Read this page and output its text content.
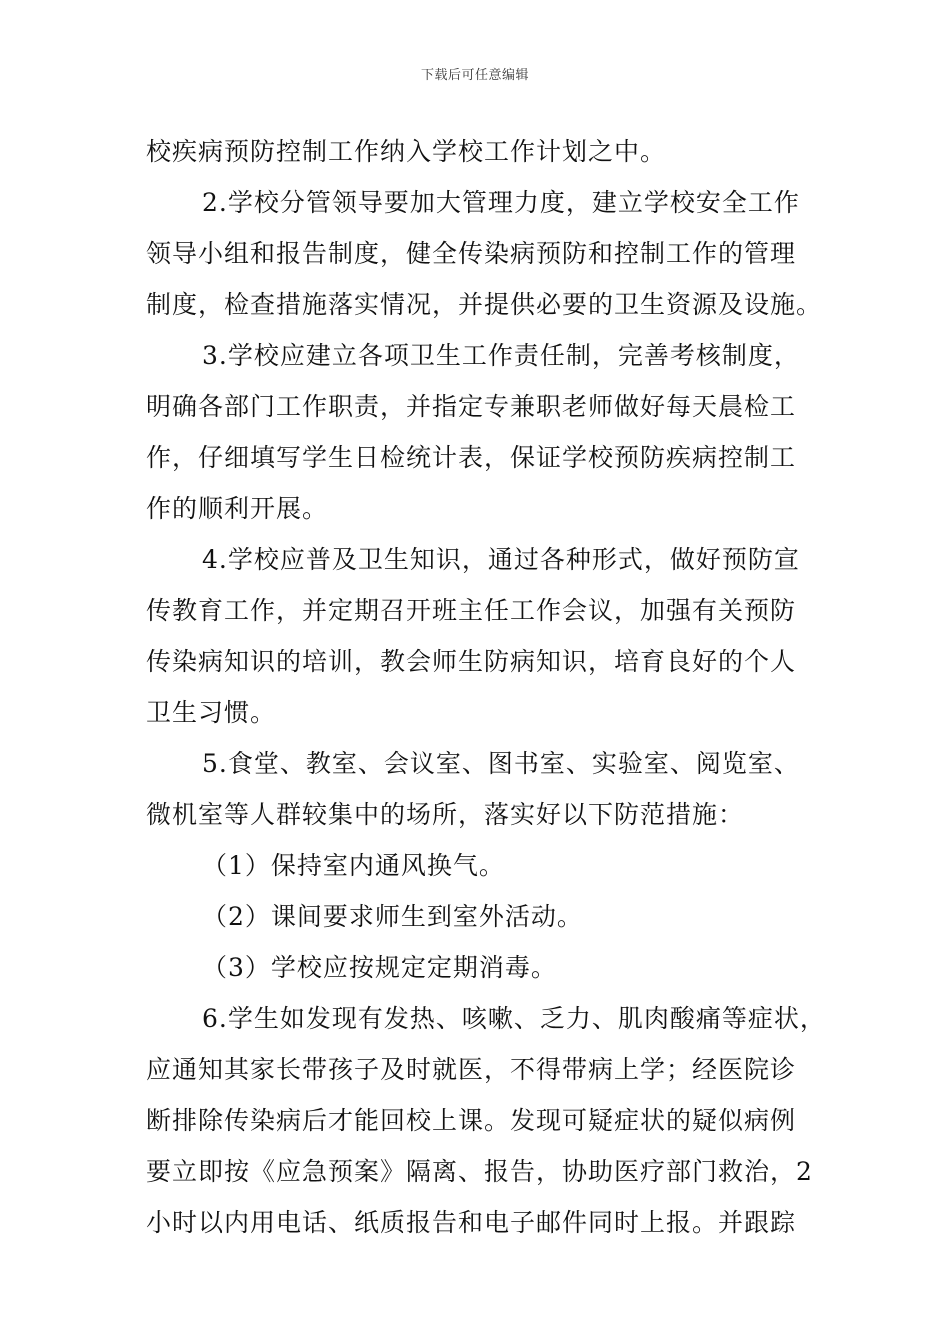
下载后可任意编辑
校疾病预防控制工作纳入学校工作计划之中。
2.学校分管领导要加大管理力度，建立学校安全工作
领导小组和报告制度，健全传染病预防和控制工作的管理
制度，检查措施落实情况，并提供必要的卫生资源及设施。
3.学校应建立各项卫生工作责任制，完善考核制度，
明确各部门工作职责，并指定专兼职老师做好每天晨检工
作，仔细填写学生日检统计表，保证学校预防疾病控制工
作的顺利开展。
4.学校应普及卫生知识，通过各种形式，做好预防宣
传教育工作，并定期召开班主任工作会议，加强有关预防
传染病知识的培训，教会师生防病知识，培育良好的个人
卫生习惯。
5.食堂、教室、会议室、图书室、实验室、阅览室、
微机室等人群较集中的场所，落实好以下防范措施：
（1）保持室内通风换气。
（2）课间要求师生到室外活动。
（3）学校应按规定定期消毒。
6.学生如发现有发热、咳嗽、乏力、肌肉酸痛等症状，
应通知其家长带孩子及时就医，不得带病上学；经医院诊
断排除传染病后才能回校上课。发现可疑症状的疑似病例
要立即按《应急预案》隔离、报告，协助医疗部门救治，2
小时以内用电话、纸质报告和电子邮件同时上报。并跟踪
